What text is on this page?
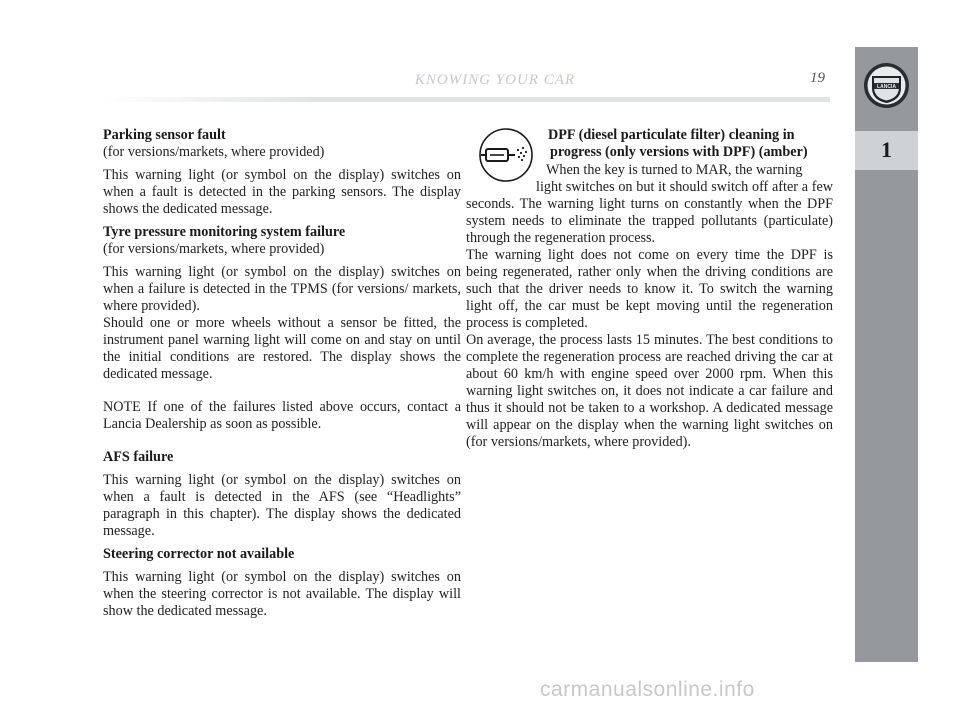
KNOWING YOUR CAR	19
LANCIA
1

Parking sensor fault

(for versions/markets, where provided)

This warning light (or symbol on the display) switches on when a fault is detected in the parking sensors. The display shows the dedicated message.

Tyre pressure monitoring system failure

(for versions/markets, where provided)

This warning light (or symbol on the display) switches on when a failure is detected in the TPMS (for versions/ markets, where provided).

Should one or more wheels without a sensor be fitted, the instrument panel warning light will come on and stay on until the initial conditions are restored. The display shows the dedicated message.

NOTE If one of the failures listed above occurs, contact a Lancia Dealership as soon as possible.

AFS failure

This warning light (or symbol on the display) switches on when a fault is detected in the AFS (see “Headlights” paragraph in this chapter). The display shows the dedicated message.

Steering corrector not available

This warning light (or symbol on the display) switches on when the steering corrector is not available. The display will show the dedicated message.

DPF (diesel particulate filter) cleaning in
progress (only versions with DPF) (amber)

When the key is turned to MAR, the warning

light switches on but it should switch off after a few seconds. The warning light turns on constantly when the DPF system needs to eliminate the trapped pollutants (particulate) through the regeneration process.

The warning light does not come on every time the DPF is being regenerated, rather only when the driving conditions are such that the driver needs to know it. To switch the warning light off, the car must be kept moving until the regeneration process is completed.

On average, the process lasts 15 minutes. The best conditions to complete the regeneration process are reached driving the car at about 60 km/h with engine speed over 2000 rpm. When this warning light switches on, it does not indicate a car failure and thus it should not be taken to a workshop. A dedicated message will appear on the display when the warning light switches on (for versions/markets, where provided).

carmanualsonline.info
